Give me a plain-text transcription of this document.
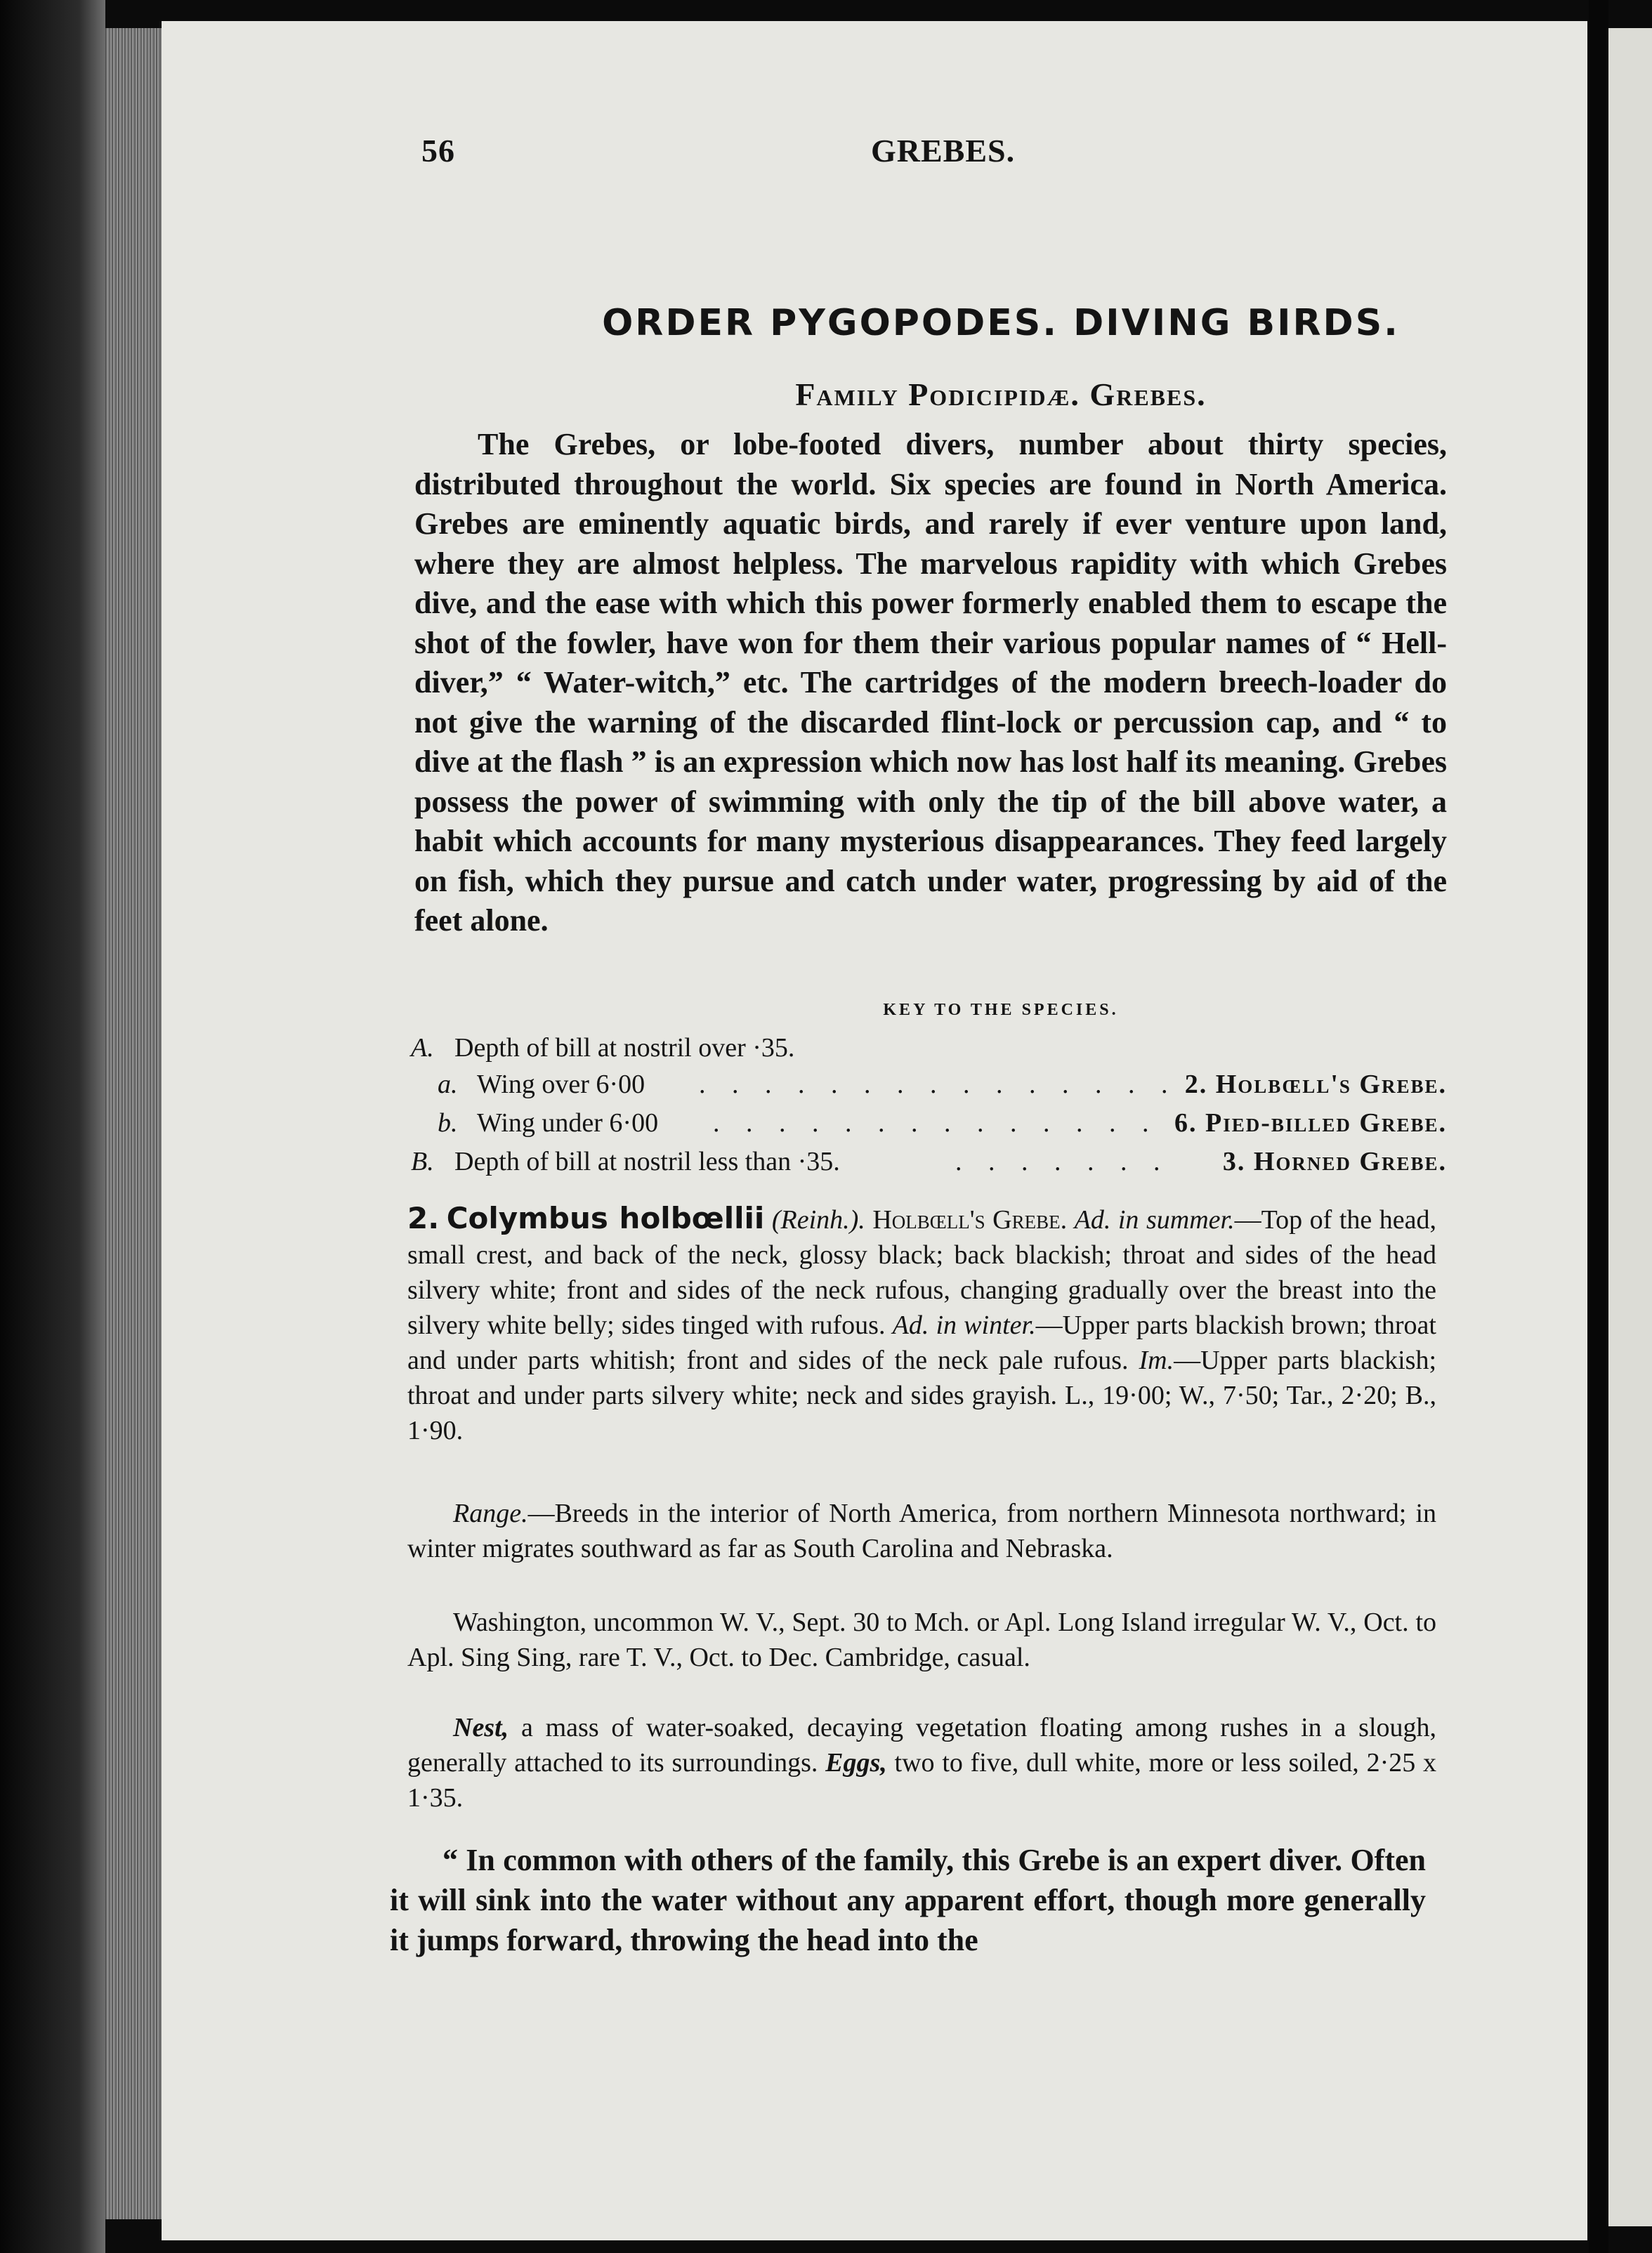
56	GREBES.
ORDER PYGOPODES. DIVING BIRDS.
Family Podicipidæ. Grebes.
The Grebes, or lobe-footed divers, number about thirty species, distributed throughout the world. Six species are found in North America. Grebes are eminently aquatic birds, and rarely if ever venture upon land, where they are almost helpless. The marvelous rapidity with which Grebes dive, and the ease with which this power formerly enabled them to escape the shot of the fowler, have won for them their various popular names of “ Hell-diver,” “ Water-witch,” etc. The cartridges of the modern breech-loader do not give the warning of the discarded flint-lock or percussion cap, and “ to dive at the flash ” is an expression which now has lost half its meaning. Grebes possess the power of swimming with only the tip of the bill above water, a habit which accounts for many mysterious disappearances. They feed largely on fish, which they pursue and catch under water, progressing by aid of the feet alone.
KEY TO THE SPECIES.
A. Depth of bill at nostril over ·35.
a. Wing over 6·00 . . . . . . . . . . . . . . . 2. Holbœll's Grebe.
b. Wing under 6·00 . . . . . . . . . . . . . . 6. Pied-billed Grebe.
B. Depth of bill at nostril less than ·35.	. . . . . . . 3. Horned Grebe.
2. Colymbus holbœllii (Reinh.). Holbœll's Grebe. Ad. in summer.—Top of the head, small crest, and back of the neck, glossy black; back blackish; throat and sides of the head silvery white; front and sides of the neck rufous, changing gradually over the breast into the silvery white belly; sides tinged with rufous. Ad. in winter.—Upper parts blackish brown; throat and under parts whitish; front and sides of the neck pale rufous. Im.—Upper parts blackish; throat and under parts silvery white; neck and sides grayish. L., 19·00; W., 7·50; Tar., 2·20; B., 1·90.
Range.—Breeds in the interior of North America, from northern Minnesota northward; in winter migrates southward as far as South Carolina and Nebraska.
Washington, uncommon W. V., Sept. 30 to Mch. or Apl. Long Island irregular W. V., Oct. to Apl. Sing Sing, rare T. V., Oct. to Dec. Cambridge, casual.
Nest, a mass of water-soaked, decaying vegetation floating among rushes in a slough, generally attached to its surroundings. Eggs, two to five, dull white, more or less soiled, 2·25 x 1·35.
“ In common with others of the family, this Grebe is an expert diver. Often it will sink into the water without any apparent effort, though more generally it jumps forward, throwing the head into the
